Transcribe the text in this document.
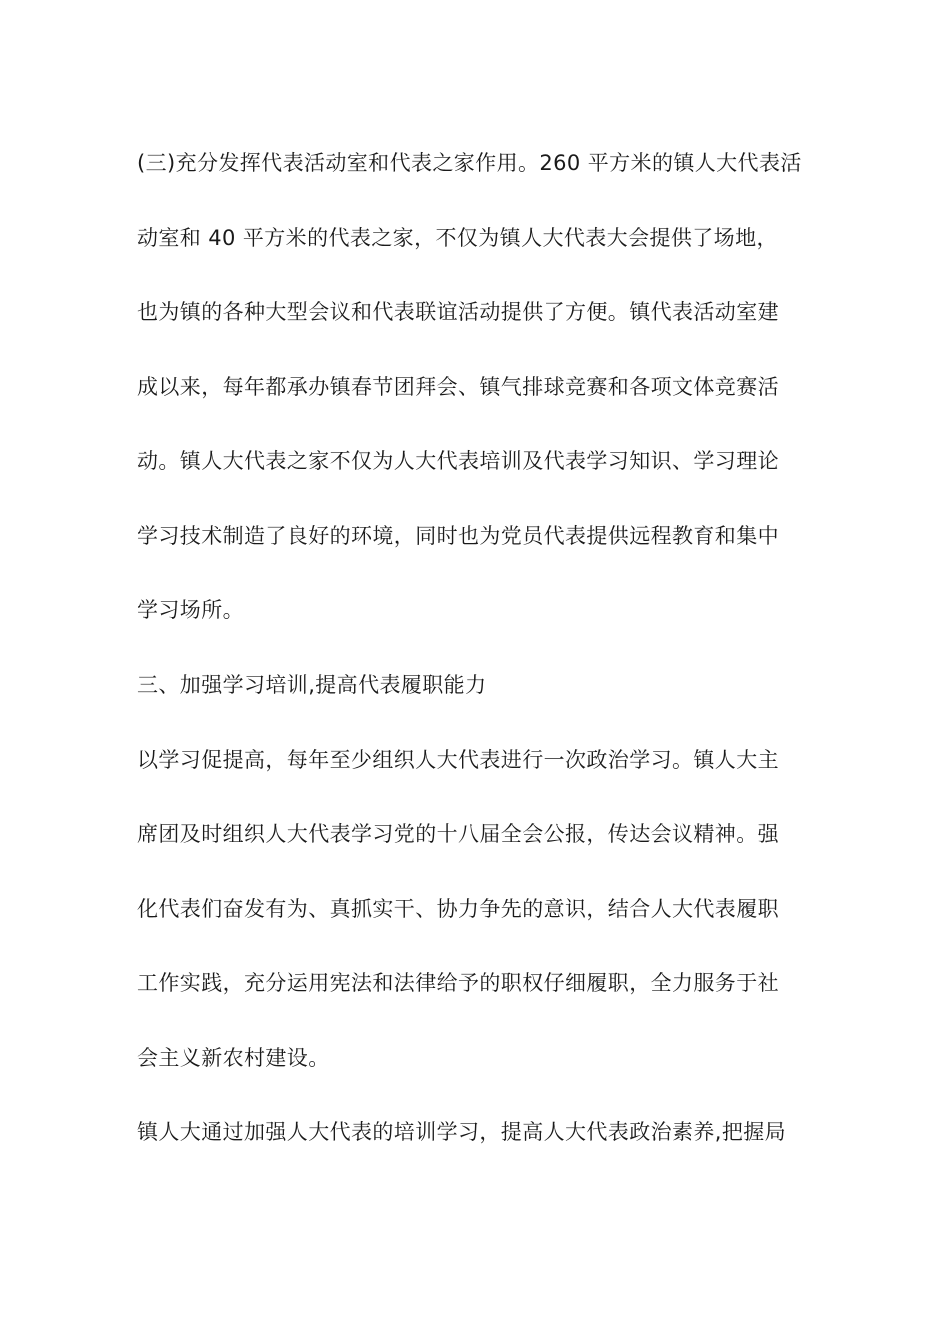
(三)充分发挥代表活动室和代表之家作用。260 平方米的镇人大代表活
动室和 40 平方米的代表之家，不仅为镇人大代表大会提供了场地，
也为镇的各种大型会议和代表联谊活动提供了方便。镇代表活动室建
成以来，每年都承办镇春节团拜会、镇气排球竞赛和各项文体竞赛活
动。镇人大代表之家不仅为人大代表培训及代表学习知识、学习理论
学习技术制造了良好的环境，同时也为党员代表提供远程教育和集中
学习场所。
三、加强学习培训,提高代表履职能力
以学习促提高，每年至少组织人大代表进行一次政治学习。镇人大主
席团及时组织人大代表学习党的十八届全会公报，传达会议精神。强
化代表们奋发有为、真抓实干、协力争先的意识，结合人大代表履职
工作实践，充分运用宪法和法律给予的职权仔细履职，全力服务于社
会主义新农村建设。
镇人大通过加强人大代表的培训学习，提高人大代表政治素养,把握局
